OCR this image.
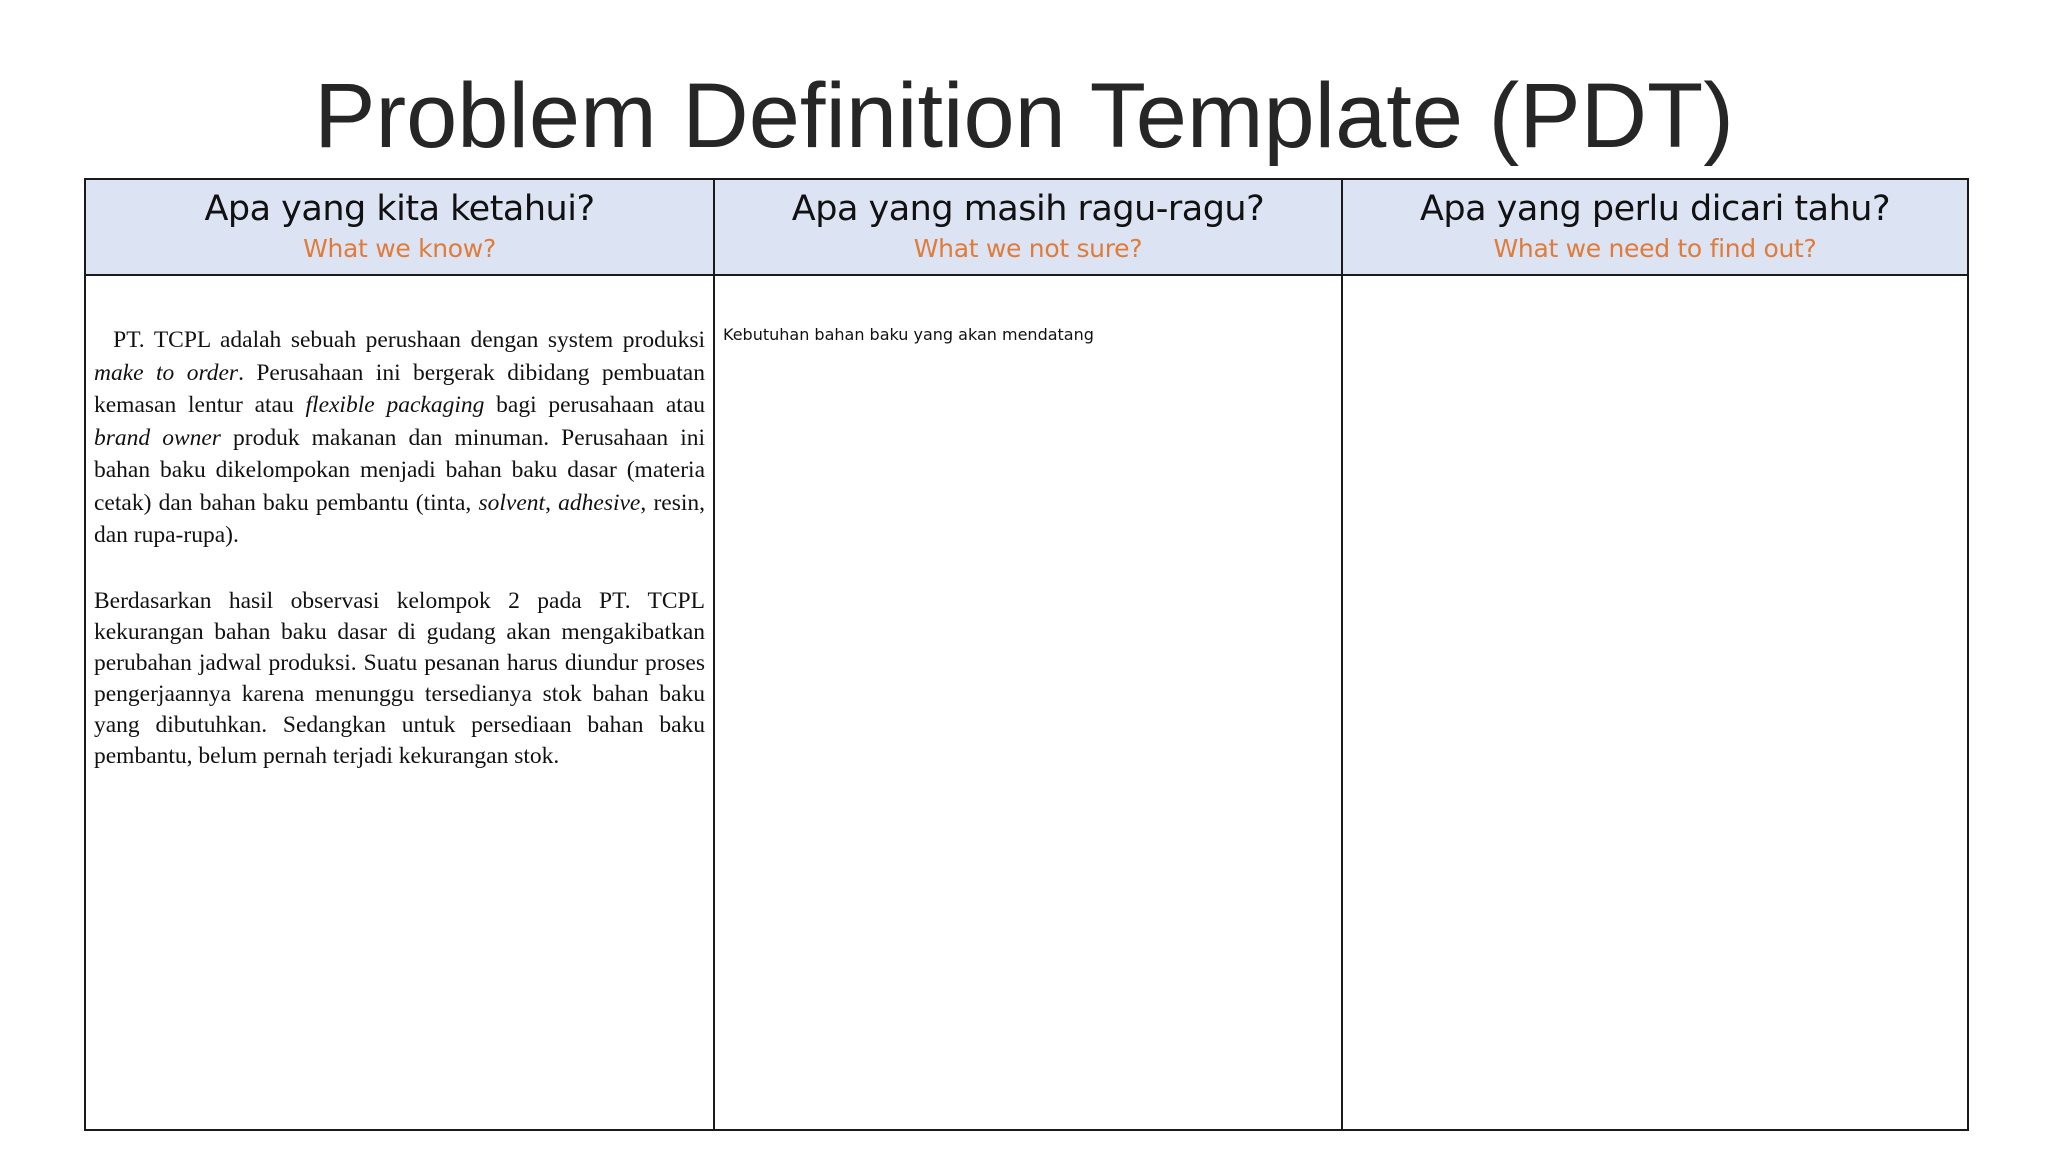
Problem Definition Template (PDT)
Apa yang kita ketahui?
What we know?
Apa yang masih ragu-ragu?
What we not sure?
Apa yang perlu dicari tahu?
What we need to find out?

PT. TCPL adalah sebuah perushaan dengan system produksi make to order. Perusahaan ini bergerak dibidang pembuatan kemasan lentur atau flexible packaging bagi perusahaan atau brand owner produk makanan dan minuman. Perusahaan ini bahan baku dikelompokan menjadi bahan baku dasar (materia cetak) dan bahan baku pembantu (tinta, solvent, adhesive, resin, dan rupa-rupa).

Berdasarkan hasil observasi kelompok 2 pada PT. TCPL kekurangan bahan baku dasar di gudang akan mengakibatkan perubahan jadwal produksi. Suatu pesanan harus diundur proses pengerjaannya karena menunggu tersedianya stok bahan baku yang dibutuhkan. Sedangkan untuk persediaan bahan baku pembantu, belum pernah terjadi kekurangan stok.

Kebutuhan bahan baku yang akan mendatang
